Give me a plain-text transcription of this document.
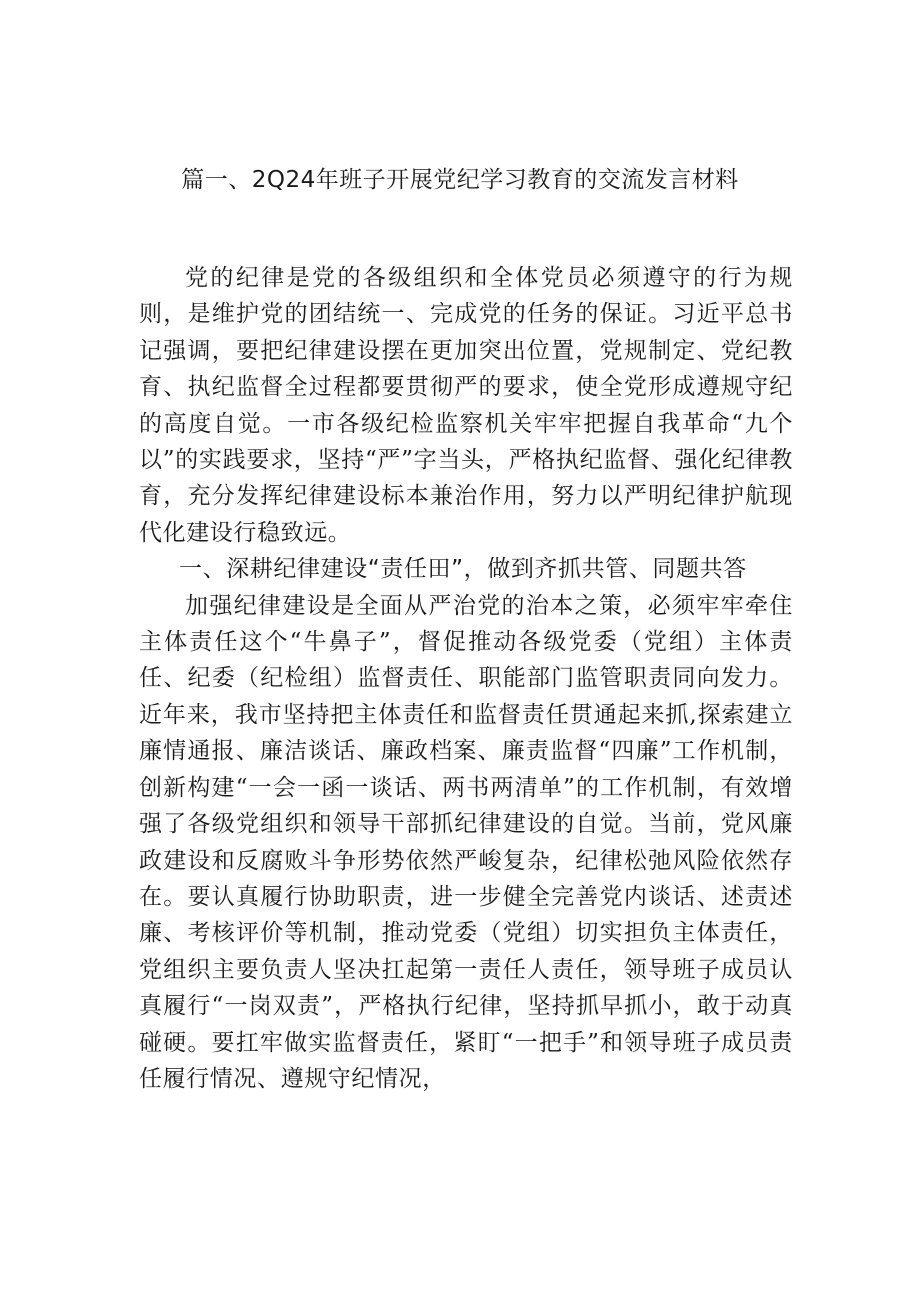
篇一、2Q24年班子开展党纪学习教育的交流发言材料

党的纪律是党的各级组织和全体党员必须遵守的行为规则，是维护党的团结统一、完成党的任务的保证。习近平总书记强调，要把纪律建设摆在更加突出位置，党规制定、党纪教育、执纪监督全过程都要贯彻严的要求，使全党形成遵规守纪的高度自觉。一市各级纪检监察机关牢牢把握自我革命“九个以”的实践要求，坚持“严”字当头，严格执纪监督、强化纪律教育，充分发挥纪律建设标本兼治作用，努力以严明纪律护航现代化建设行稳致远。

一、深耕纪律建设“责任田”，做到齐抓共管、同题共答

加强纪律建设是全面从严治党的治本之策，必须牢牢牵住主体责任这个“牛鼻子”，督促推动各级党委（党组）主体责任、纪委（纪检组）监督责任、职能部门监管职责同向发力。近年来，我市坚持把主体责任和监督责任贯通起来抓,探索建立廉情通报、廉洁谈话、廉政档案、廉责监督“四廉”工作机制，创新构建“一会一函一谈话、两书两清单”的工作机制，有效增强了各级党组织和领导干部抓纪律建设的自觉。当前，党风廉政建设和反腐败斗争形势依然严峻复杂，纪律松弛风险依然存在。要认真履行协助职责，进一步健全完善党内谈话、述责述廉、考核评价等机制，推动党委（党组）切实担负主体责任，党组织主要负责人坚决扛起第一责任人责任，领导班子成员认真履行“一岗双责”，严格执行纪律，坚持抓早抓小，敢于动真碰硬。要扛牢做实监督责任，紧盯“一把手”和领导班子成员责任履行情况、遵规守纪情况，
